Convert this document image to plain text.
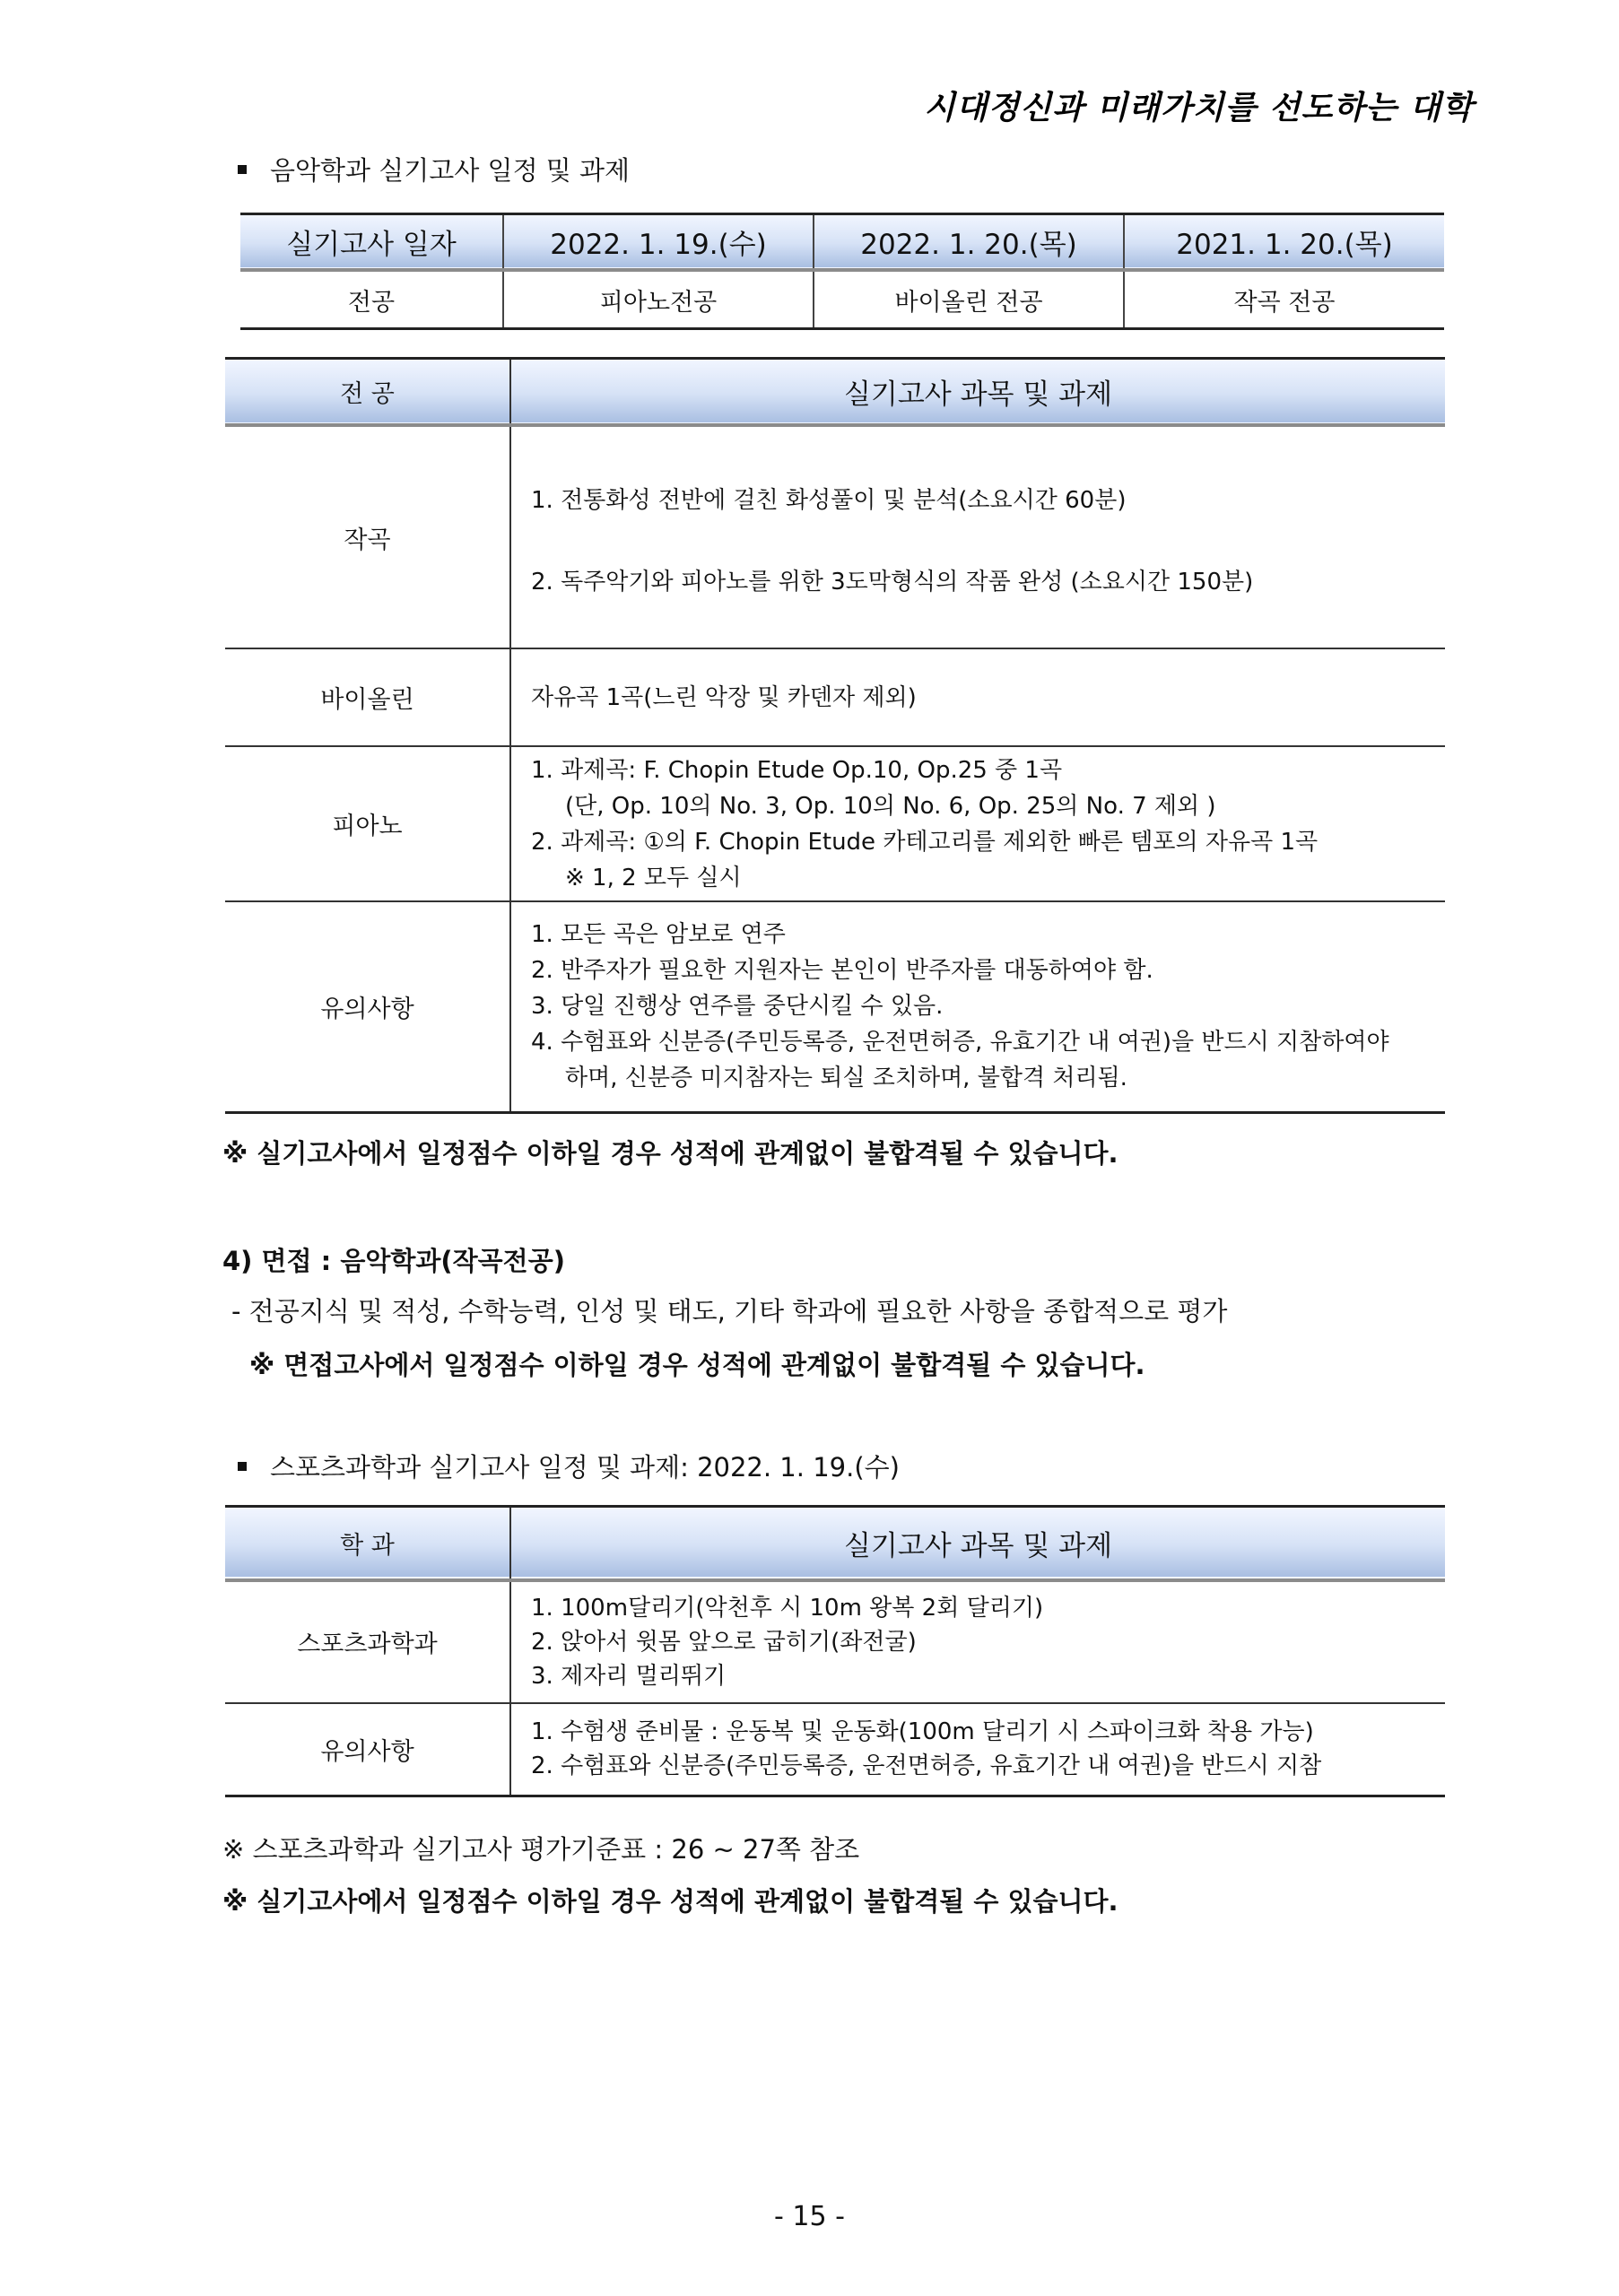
시대정신과 미래가치를 선도하는 대학
음악학과 실기고사 일정 및 과제
실기고사 일자	2022. 1. 19.(수)	2022. 1. 20.(목)	2021. 1. 20.(목)
전공	피아노전공	바이올린 전공	작곡 전공
전 공	실기고사 과목 및 과제
작곡	1. 전통화성 전반에 걸친 화성풀이 및 분석(소요시간 60분)
2. 독주악기와 피아노를 위한 3도막형식의 작품 완성 (소요시간 150분)

바이올린	자유곡 1곡(느린 악장 및 카덴자 제외)
피아노	1. 과제곡: F. Chopin Etude Op.10, Op.25 중 1곡
(단, Op. 10의 No. 3, Op. 10의 No. 6, Op. 25의 No. 7 제외 )
2. 과제곡: ①의 F. Chopin Etude 카테고리를 제외한 빠른 템포의 자유곡 1곡
※ 1, 2 모두 실시

유의사항	1. 모든 곡은 암보로 연주
2. 반주자가 필요한 지원자는 본인이 반주자를 대동하여야 함.
3. 당일 진행상 연주를 중단시킬 수 있음.
4. 수험표와 신분증(주민등록증, 운전면허증, 유효기간 내 여권)을 반드시 지참하여야
하며, 신분증 미지참자는 퇴실 조치하며, 불합격 처리됨.
※ 실기고사에서 일정점수 이하일 경우 성적에 관계없이 불합격될 수 있습니다.
4) 면접 : 음악학과(작곡전공)
- 전공지식 및 적성, 수학능력, 인성 및 태도, 기타 학과에 필요한 사항을 종합적으로 평가
※ 면접고사에서 일정점수 이하일 경우 성적에 관계없이 불합격될 수 있습니다.
스포츠과학과 실기고사 일정 및 과제: 2022. 1. 19.(수)
학 과	실기고사 과목 및 과제
스포츠과학과	1. 100m달리기(악천후 시 10m 왕복 2회 달리기)
2. 앉아서 윗몸 앞으로 굽히기(좌전굴)
3. 제자리 멀리뛰기

유의사항	1. 수험생 준비물 : 운동복 및 운동화(100m 달리기 시 스파이크화 착용 가능)
2. 수험표와 신분증(주민등록증, 운전면허증, 유효기간 내 여권)을 반드시 지참
※ 스포츠과학과 실기고사 평가기준표 : 26 ~ 27쪽 참조
※ 실기고사에서 일정점수 이하일 경우 성적에 관계없이 불합격될 수 있습니다.
- 15 -
